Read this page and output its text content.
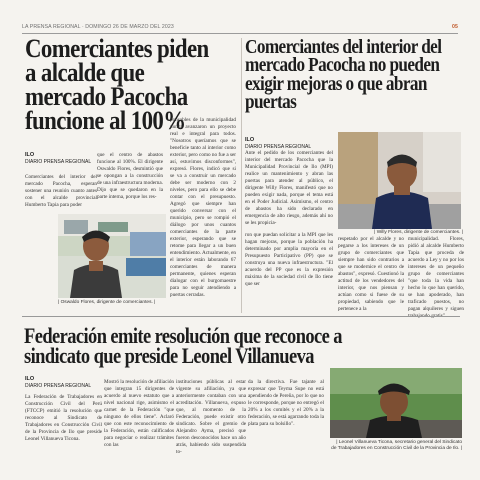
LA PRENSA REGIONAL · DOMINGO 26 DE MARZO DEL 2023	05
Comerciantes piden a alcalde que mercado Pacocha funcione al 100%
ILO
DIARIO PRENSA REGIONAL
Comerciantes del interior del mercado Pacocha, esperan sostener una reunión cuanto antes con el alcalde provincial Humberto Tapia para poder
que el centro de abastos funcione al 100%. El dirigente Oswaldo Flores, desmintió que se opongan a la construcción de una infraestructura moderna. Dijo que se quedaron en la parte interna, porque los res-
ponsables de la municipalidad nunca avanzaron un proyecto real e integral para todos. "Nosotros queríamos que se beneficie tanto al interior como exterior, pero como no fue a ser así, estuvimos disconformes", expresó. Flores, indicó que si se va a construir un mercado debe ser moderno con 2 niveles, pero para ello se debe contar con el presupuesto. Agregó que siempre han querido conversar con el municipio, pero se rompió el diálogo por unos cuantos comerciantes de la parte exterior, esperando que se retome para llegar a un buen entendimiento. Actualmente, en el interior están laborando 67 comerciantes de manera permanente, quienes esperan dialogar con el burgomaestre para no seguir atendiendo a puertas cerradas.
| Oswaldo Flores, dirigente de comerciantes. |
Comerciantes del interior del mercado Pacocha no pueden exigir mejoras o que abran puertas
ILO
DIARIO PRENSA REGIONAL
| Willy Flores, dirigente de comerciantes. |
Ante el pedido de los comerciantes del interior del mercado Pacocha que la Municipalidad Provincial de Ilo (MPI) realice un mantenimiento y abran las puertas para atender al público, el dirigente Willy Flores, manifestó que no pueden exigir nada, porque el tema está en el Poder Judicial. Asimismo, el centro de abastos ha sido declarado en emergencia de alto riesgo, además ahí no se les propicia-
ron que puedan solicitar a la MPI que les hagan mejoras, porque la población ha determinado por amplia mayoría en el Presupuesto Participativo (PP) que se construya una nueva infraestructura. "El acuerdo del PP que es la expresión máxima de la sociedad civil de Ilo tiene que ser
respetado por el alcalde y no pegarse a los intereses de un grupo de comerciantes que siempre han sido contrarios a que se modernice el centro de abastos", expresó. Cuestionó la actitud de los vendedores del interior, que nos piensan y actúan como si fuese de su propiedad, sabiendo que le pertenece a la
municipalidad. Flores, pidió al alcalde Humberto Tapia que proceda de acuerdo a Ley y no por los intereses de un pequeño grupo de comerciantes "que toda la vida han hecho lo que han querido, se han apoderado, han traficado puestos, no pagan alquileres y siguen trabajando gratis".
Federación emite resolución que reconoce a sindicato que preside Leonel Villanueva
ILO
DIARIO PRENSA REGIONAL
La Federación de Trabajadores en Construcción Civil del Perú (FTCCP) emitió la resolución que reconoce al Sindicato de Trabajadores en Construcción Civil de la Provincia de Ilo que preside Leonel Villanueva Ticona.
Mostró la resolución de afiliación que integran 15 dirigentes de acuerdo al nuevo estatuto que a nivel nacional rige, asimismo el carnet de la Federación "que ninguno de ellos tiene". Aclaró que con este reconocimiento de la Federación, están calificados para negociar o realizar trámites con las
instituciones públicas al estar vigente su afiliación, ya que anteriormente contaban con una acreditación. Villanueva, expuso que, al momento de la Federación, puede existir otro sindicato. Sobre el gremio de Alejandro Ayma, precisó que fueron desconocidos hace un año atrás, habiendo sido suspendida to-
da la directiva. Fue tajante al expresar que Teyma Supe no está apendiendo de Pereña, por lo que no le corresponde, porque no entregó el 20% a los comités y el 20% a la federación, se está agarrando toda la plata para su bolsillo".
| Leonel Villanueva Ticona, secretario general del Sindicato de Trabajadores en Construcción Civil de la Provincia de Ilo. |
